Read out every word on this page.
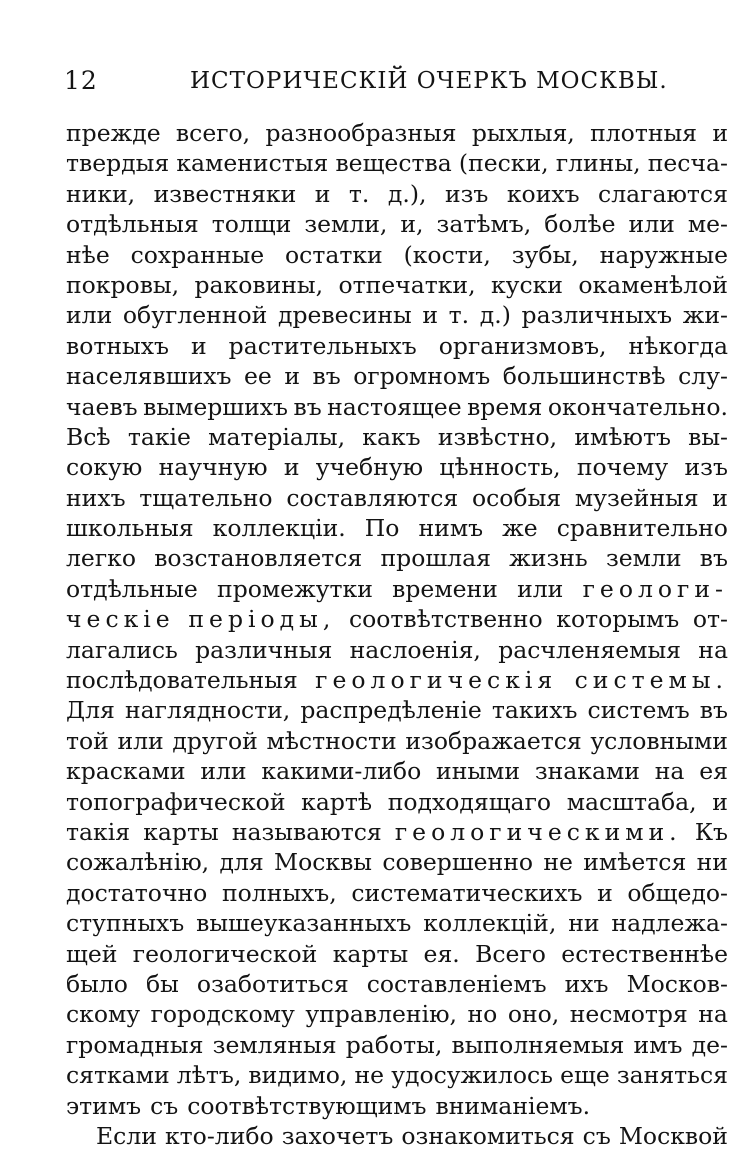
12	ИСТОРИЧЕСКІЙ ОЧЕРКЪ МОСКВЫ.
прежде всего, разнообразныя рыхлыя, плотныя и
твердыя каменистыя вещества (пески, глины, песча-
ники, известняки и т. д.), изъ коихъ слагаются
отдѣльныя толщи земли, и, затѣмъ, болѣе или ме-
нѣе сохранные остатки (кости, зубы, наружные
покровы, раковины, отпечатки, куски окаменѣлой
или обугленной древесины и т. д.) различныхъ жи-
вотныхъ и растительныхъ организмовъ, нѣкогда
населявшихъ ее и въ огромномъ большинствѣ слу-
чаевъ вымершихъ въ настоящее время окончательно.
Всѣ такіе матеріалы, какъ извѣстно, имѣютъ вы-
сокую научную и учебную цѣнность, почему изъ
нихъ тщательно составляются особыя музейныя и
школьныя коллекціи. По нимъ же сравнительно
легко возстановляется прошлая жизнь земли въ
отдѣльные промежутки времени или геологи-
ческіе періоды, соотвѣтственно которымъ от-
лагались различныя наслоенія, расчленяемыя на
послѣдовательныя геологическія системы.
Для наглядности, распредѣленіе такихъ системъ въ
той или другой мѣстности изображается условными
красками или какими-либо иными знаками на ея
топографической картѣ подходящаго масштаба, и
такія карты называются геологическими. Къ
сожалѣнію, для Москвы совершенно не имѣется ни
достаточно полныхъ, систематическихъ и общедо-
ступныхъ вышеуказанныхъ коллекцій, ни надлежа-
щей геологической карты ея. Всего естественнѣе
было бы озаботиться составленіемъ ихъ Москов-
скому городскому управленію, но оно, несмотря на
громадныя земляныя работы, выполняемыя имъ де-
сятками лѣтъ, видимо, не удосужилось еще заняться
этимъ съ соотвѣтствующимъ вниманіемъ.
Если кто-либо захочетъ ознакомиться съ Москвой
